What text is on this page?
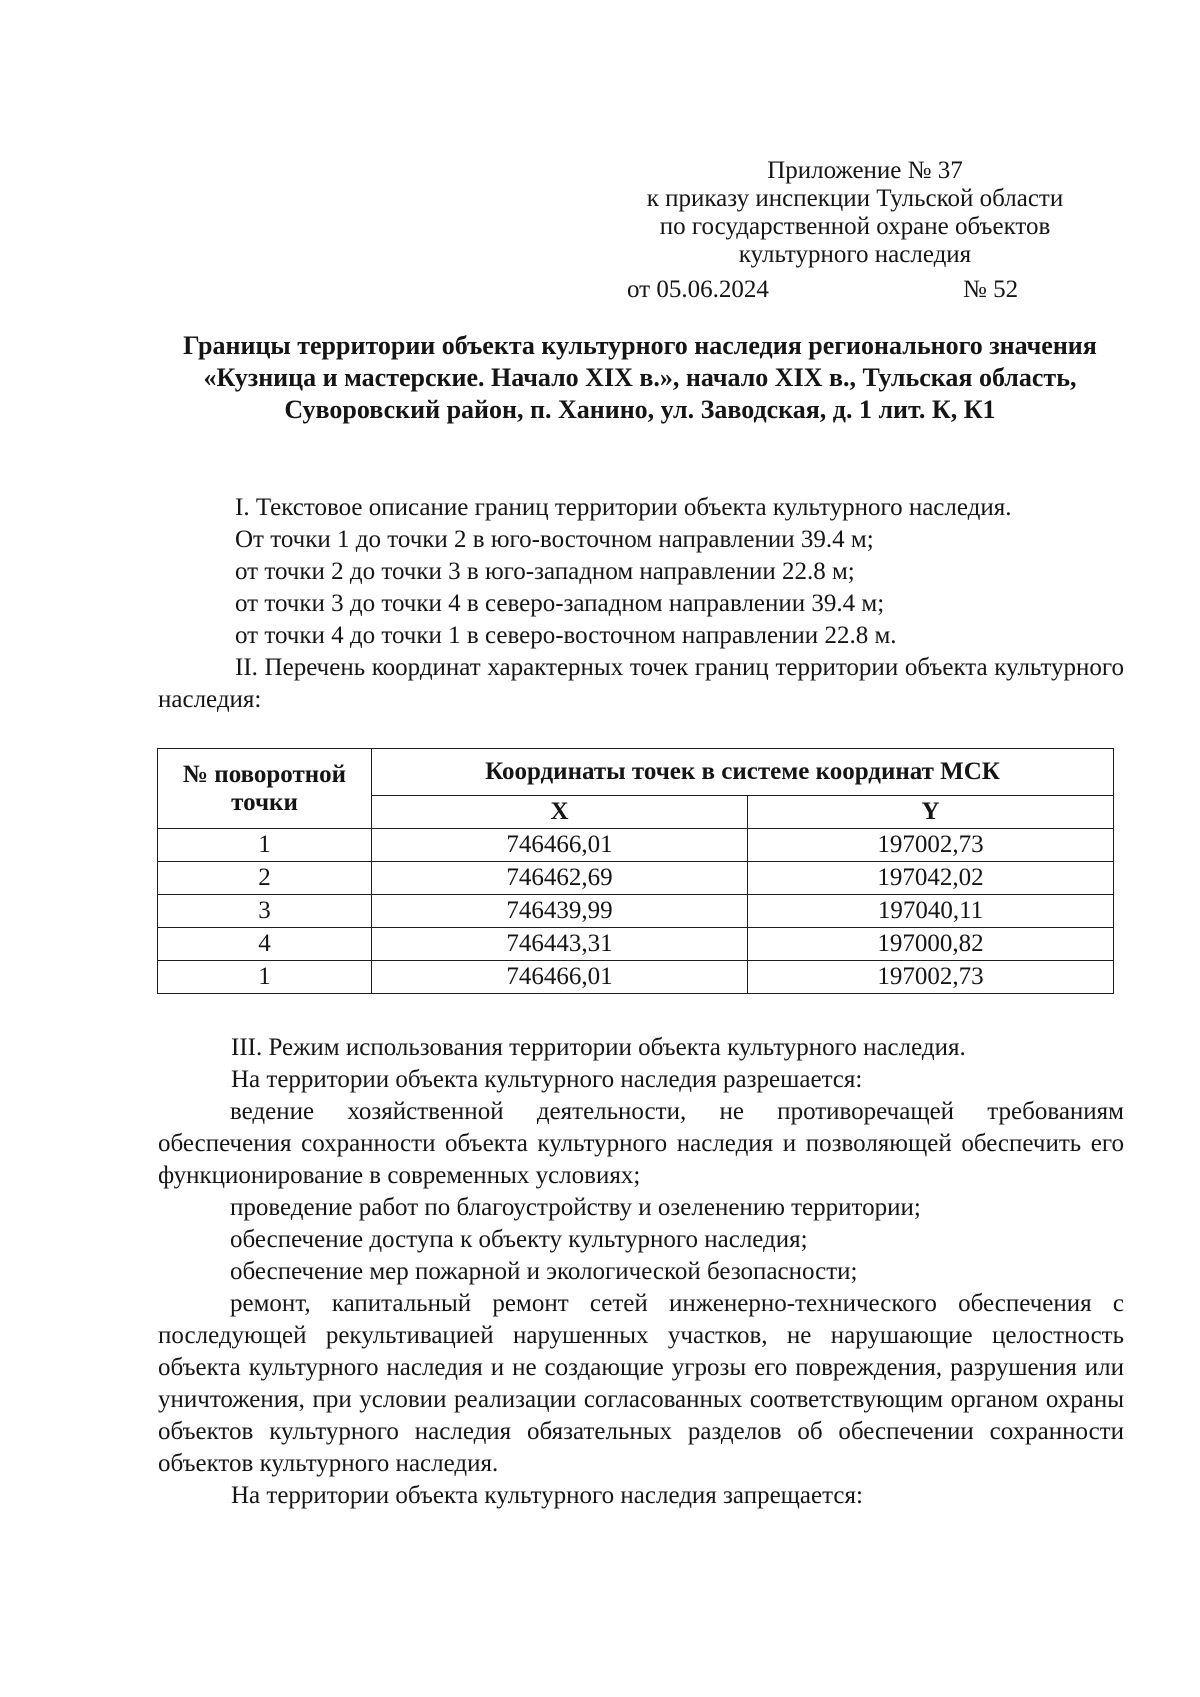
Приложение № 37
к приказу инспекции Тульской области
по государственной охране объектов
культурного наследия
от 05.06.2024	№ 52
Границы территории объекта культурного наследия регионального значения «Кузница и мастерские. Начало XIX в.», начало XIX в., Тульская область, Суворовский район, п. Ханино, ул. Заводская, д. 1 лит. К, К1

I. Текстовое описание границ территории объекта культурного наследия.

От точки 1 до точки 2 в юго-восточном направлении 39.4 м;

от точки 2 до точки 3 в юго-западном направлении 22.8 м;

от точки 3 до точки 4 в северо-западном направлении 39.4 м;

от точки 4 до точки 1 в северо-восточном направлении 22.8 м.

II. Перечень координат характерных точек границ территории объекта культурного наследия:

№ поворотной точки	Координаты точек в системе координат МСК	
	X	Y
1	746466,01	197002,73
2	746462,69	197042,02
3	746439,99	197040,11
4	746443,31	197000,82
1	746466,01	197002,73

III. Режим использования территории объекта культурного наследия.

На территории объекта культурного наследия разрешается:

ведение хозяйственной деятельности, не противоречащей требованиям обеспечения сохранности объекта культурного наследия и позволяющей обеспечить его функционирование в современных условиях;

проведение работ по благоустройству и озеленению территории;

обеспечение доступа к объекту культурного наследия;

обеспечение мер пожарной и экологической безопасности;

ремонт, капитальный ремонт сетей инженерно-технического обеспечения с последующей рекультивацией нарушенных участков, не нарушающие целостность объекта культурного наследия и не создающие угрозы его повреждения, разрушения или уничтожения, при условии реализации согласованных соответствующим органом охраны объектов культурного наследия обязательных разделов об обеспечении сохранности объектов культурного наследия.

На территории объекта культурного наследия запрещается:
